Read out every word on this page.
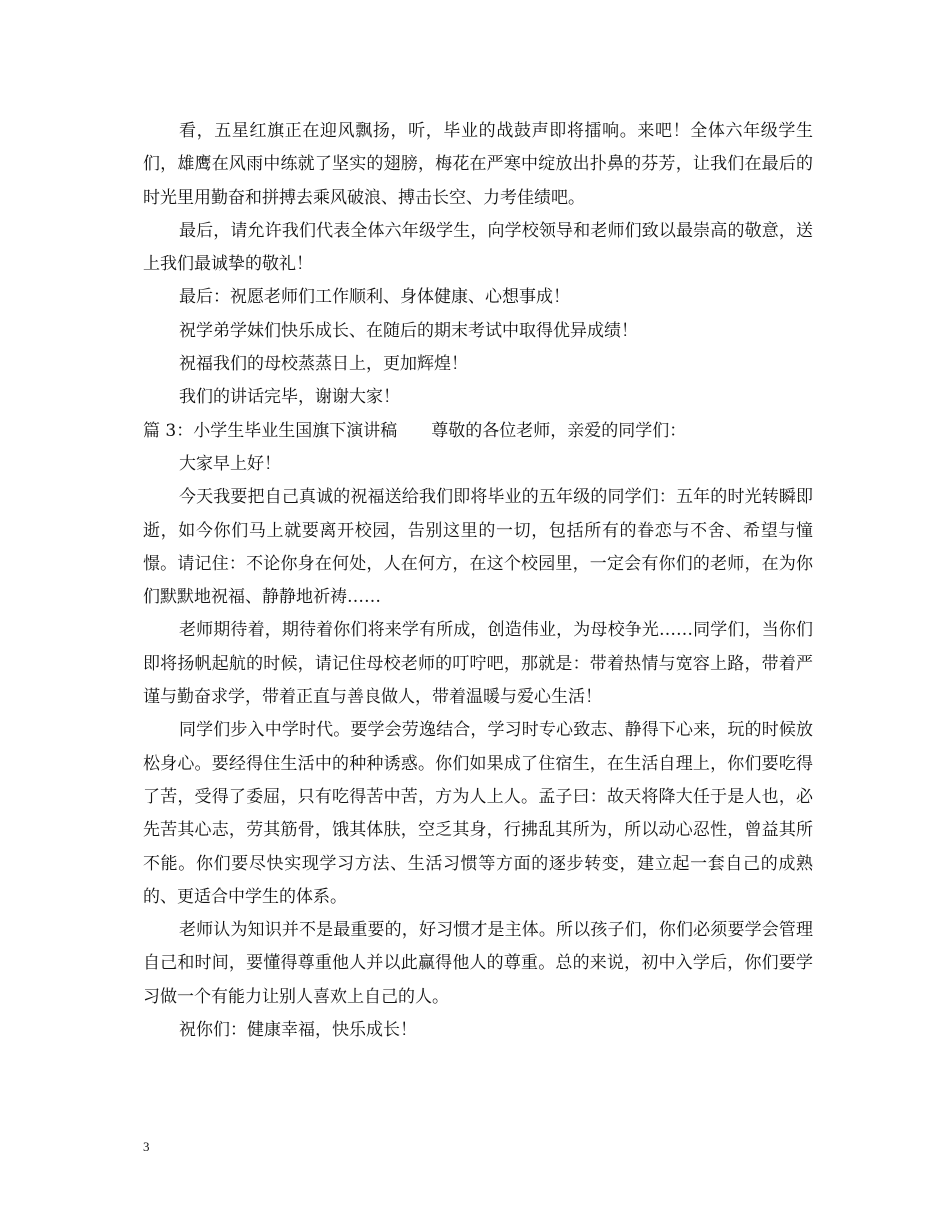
看，五星红旗正在迎风飘扬，听，毕业的战鼓声即将擂响。来吧！全体六年级学生们，雄鹰在风雨中练就了坚实的翅膀，梅花在严寒中绽放出扑鼻的芬芳，让我们在最后的时光里用勤奋和拼搏去乘风破浪、搏击长空、力考佳绩吧。

最后，请允许我们代表全体六年级学生，向学校领导和老师们致以最崇高的敬意，送上我们最诚挚的敬礼！

最后：祝愿老师们工作顺利、身体健康、心想事成！

祝学弟学妹们快乐成长、在随后的期末考试中取得优异成绩！

祝福我们的母校蒸蒸日上，更加辉煌！

我们的讲话完毕，谢谢大家！

篇 3：小学生毕业生国旗下演讲稿　　尊敬的各位老师，亲爱的同学们：

大家早上好！

今天我要把自己真诚的祝福送给我们即将毕业的五年级的同学们：五年的时光转瞬即逝，如今你们马上就要离开校园，告别这里的一切，包括所有的眷恋与不舍、希望与憧憬。请记住：不论你身在何处，人在何方，在这个校园里，一定会有你们的老师，在为你们默默地祝福、静静地祈祷……

老师期待着，期待着你们将来学有所成，创造伟业，为母校争光……同学们，当你们即将扬帆起航的时候，请记住母校老师的叮咛吧，那就是：带着热情与宽容上路，带着严谨与勤奋求学，带着正直与善良做人，带着温暖与爱心生活！

同学们步入中学时代。要学会劳逸结合，学习时专心致志、静得下心来，玩的时候放松身心。要经得住生活中的种种诱惑。你们如果成了住宿生，在生活自理上，你们要吃得了苦，受得了委屈，只有吃得苦中苦，方为人上人。孟子曰：故天将降大任于是人也，必先苦其心志，劳其筋骨，饿其体肤，空乏其身，行拂乱其所为，所以动心忍性，曾益其所不能。你们要尽快实现学习方法、生活习惯等方面的逐步转变，建立起一套自己的成熟的、更适合中学生的体系。

老师认为知识并不是最重要的，好习惯才是主体。所以孩子们，你们必须要学会管理自己和时间，要懂得尊重他人并以此赢得他人的尊重。总的来说，初中入学后，你们要学习做一个有能力让别人喜欢上自己的人。

祝你们：健康幸福，快乐成长！

3
